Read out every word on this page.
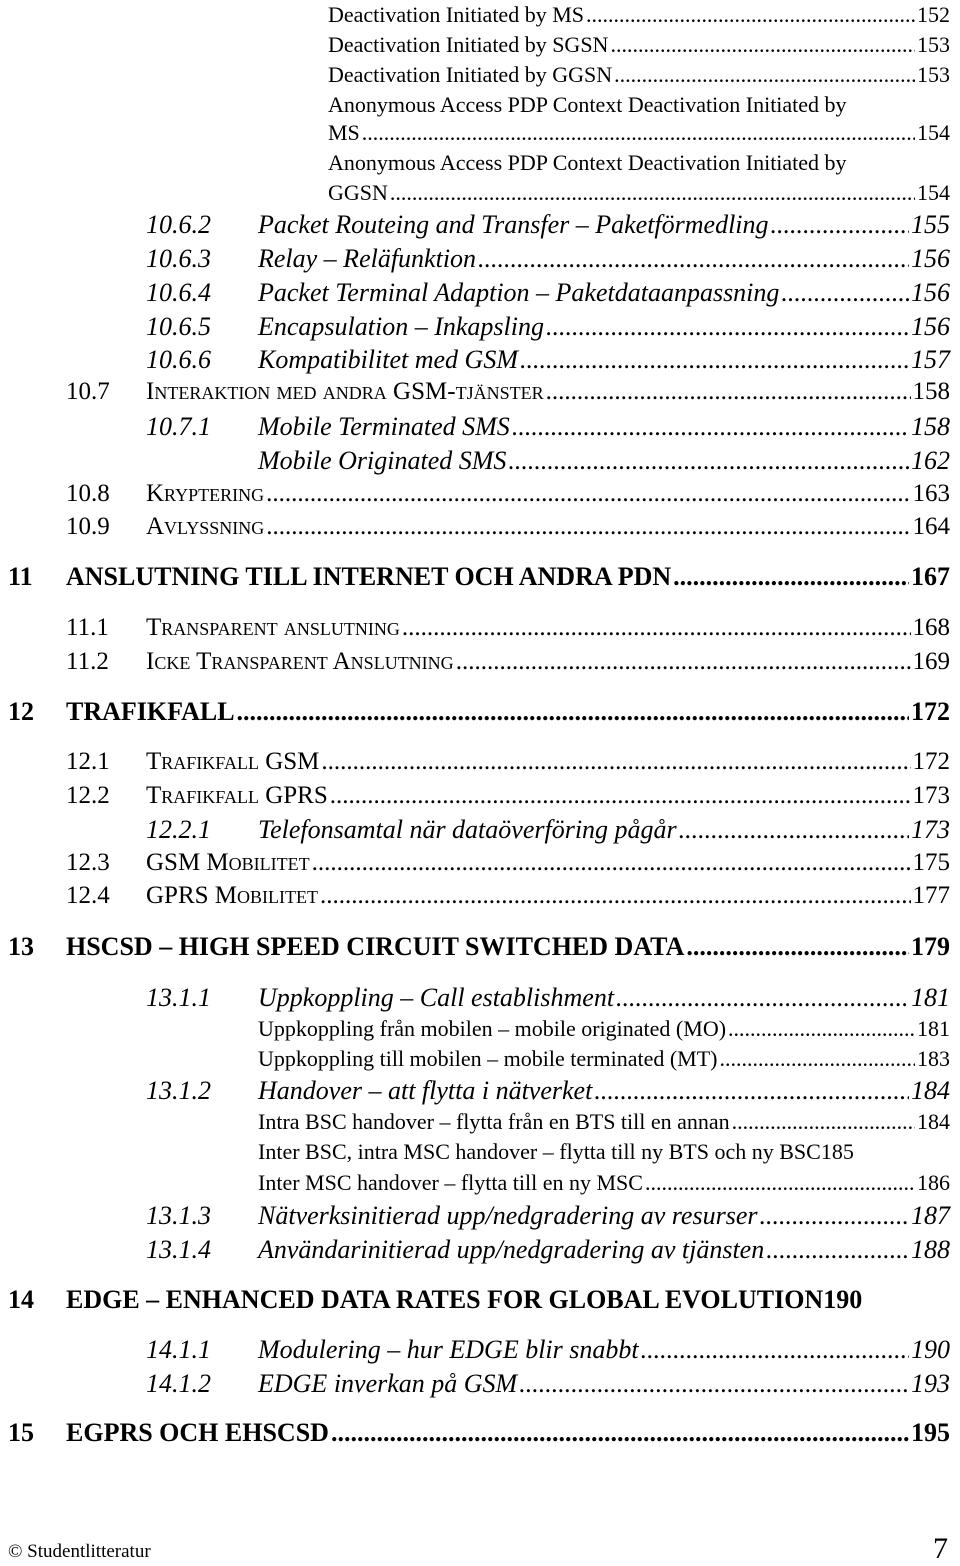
Deactivation Initiated by MS .....	152
Deactivation Initiated by SGSN .....	153
Deactivation Initiated by GGSN .....	153
Anonymous Access PDP Context Deactivation Initiated by
MS .....	154
Anonymous Access PDP Context Deactivation Initiated by
GGSN .....	154
10.6.2	Packet Routeing and Transfer – Paketförmedling .....	155
10.6.3	Relay – Reläfunktion .....	156
10.6.4	Packet Terminal Adaption – Paketdataanpassning .....	156
10.6.5	Encapsulation – Inkapsling .....	156
10.6.6	Kompatibilitet med GSM .....	157
10.7	Interaktion med andra GSM-tjänster .....	158
10.7.1	Mobile Terminated SMS .....	158
Mobile Originated SMS .....	162
10.8	Kryptering .....	163
10.9	Avlyssning .....	164
11	ANSLUTNING TILL INTERNET OCH ANDRA PDN .....	167
11.1	Transparent anslutning .....	168
11.2	Icke Transparent Anslutning .....	169
12	TRAFIKFALL .....	172
12.1	Trafikfall GSM .....	172
12.2	Trafikfall GPRS .....	173
12.2.1	Telefonsamtal när dataöverföring pågår .....	173
12.3	GSM Mobilitet .....	175
12.4	GPRS Mobilitet .....	177
13	HSCSD – HIGH SPEED CIRCUIT SWITCHED DATA .....	179
13.1.1	Uppkoppling – Call establishment .....	181
Uppkoppling från mobilen – mobile originated (MO) .....	181
Uppkoppling till mobilen – mobile terminated (MT) .....	183
13.1.2	Handover – att flytta i nätverket .....	184
Intra BSC handover – flytta från en BTS till en annan .....	184
Inter BSC, intra MSC handover – flytta till ny BTS och ny BSC 185
Inter MSC handover – flytta till en ny MSC .....	186
13.1.3	Nätverksinitierad upp/nedgradering av resurser .....	187
13.1.4	Användarinitierad upp/nedgradering av tjänsten .....	188
14	EDGE – ENHANCED DATA RATES FOR GLOBAL EVOLUTION 190
14.1.1	Modulering – hur EDGE blir snabbt .....	190
14.1.2	EDGE inverkan på GSM .....	193
15	EGPRS OCH EHSCSD .....	195
© Studentlitteratur	7
